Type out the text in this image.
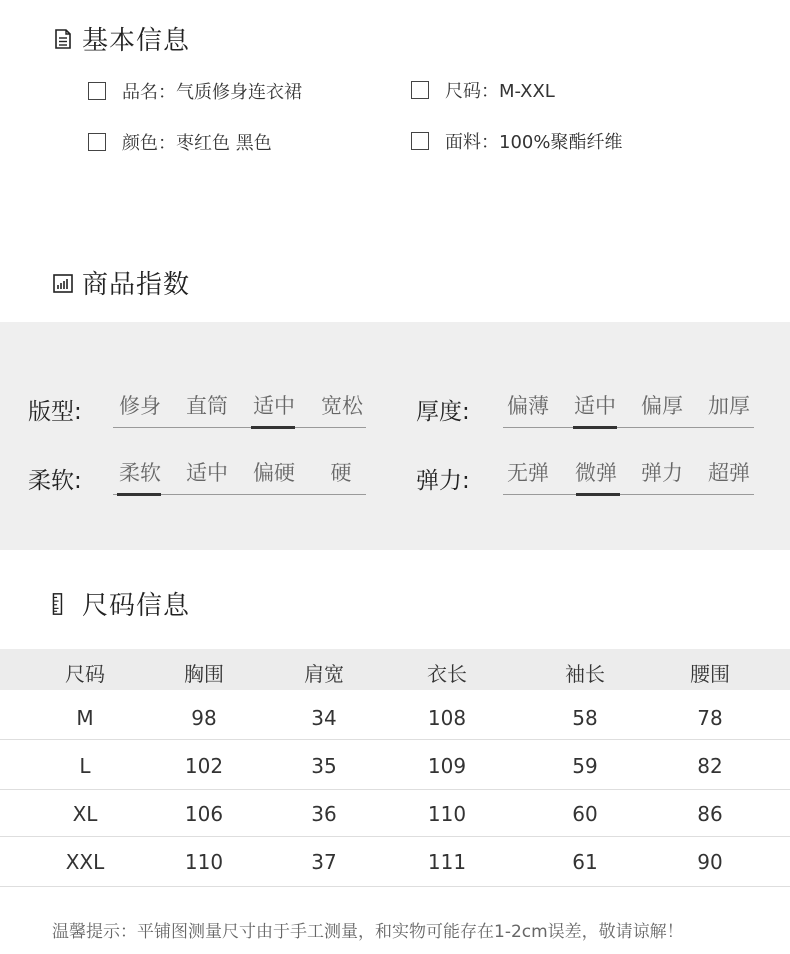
基本信息
品名：气质修身连衣裙	尺码：M-XXL
颜色：枣红色 黑色	面料：100%聚酯纤维
商品指数
版型:	修身	直筒	适中	宽松	厚度:	偏薄	适中	偏厚	加厚
柔软:	柔软	适中	偏硬	硬	弹力:	无弹	微弹	弹力	超弹
尺码信息
尺码	胸围	肩宽	衣长	袖长	腰围
M	98	34	108	58	78
L	102	35	109	59	82
XL	106	36	110	60	86
XXL	110	37	111	61	90
温馨提示：平铺图测量尺寸由于手工测量，和实物可能存在1-2cm误差，敬请谅解！
